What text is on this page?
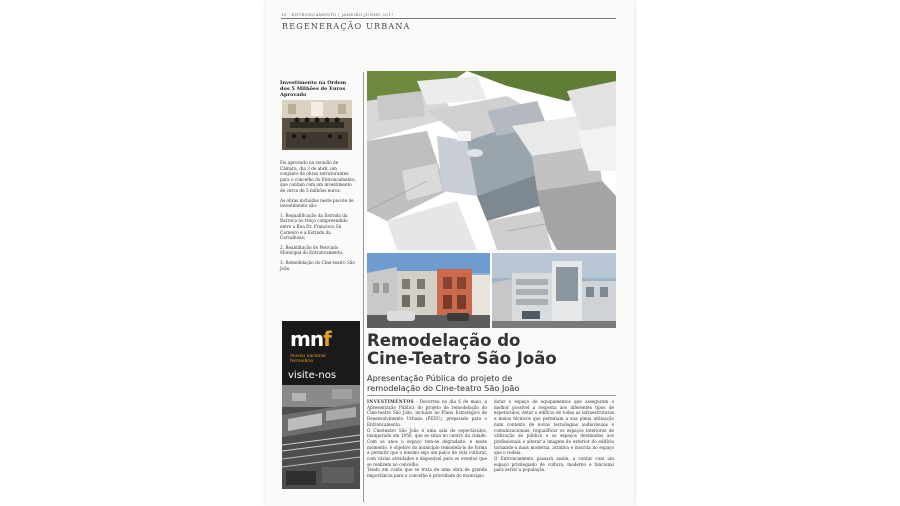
16 · ENTRONCAMENTO | JANEIRO-JUNHO 2017
REGENERAÇÃO URBANA
Investimento na Ordem dos 5 Milhões de Euros Aprovado

Foi aprovado na reunião de Câmara, dia 3 de abril, um conjunto de obras estruturantes para o concelho do Entroncamento, que contam com um investimento de cerca de 5 milhões euros.

As obras incluídas neste pacote de investimento são:

1. Requalificação da Estrada da Barroca no troço compreendido entre a Rua Dr. Francisco Sá Carneiro e a Estrada da Carcalhosa;

2. Reabilitação do Mercado Municipal do Entroncamento;

3. Remodelação do Cine-teatro São João.

mnf
museu nacional
ferroviário
visite-nos
Remodelação do
Cine-Teatro São João
Apresentação Pública do projeto de
remodelação do Cine-teatro São João

INVESTIMENTOS · Decorreu no dia 6 de maio, a Apresentação Pública do projeto de remodelação do Cine-teatro São João, incluído no Plano Estratégico de Desenvolvimento Urbano (PEDU), preparado para o Entroncamento.

O Cineteatro São João é uma sala de espectáculos, inaugurada em 1956, que se situa no centro da cidade. Com os anos o espaço tem-se degradado, e neste momento, é objetivo do município remodelá-lo de forma a permitir que o mesmo seja um palco de vida cultural, com várias atividades e disponível para os eventos que se realizem no concelho.

Tendo em conta que se trata de uma obra de grande importância para o concelho é prioridade do município

dotar o espaço de equipamentos que assegurem o melhor possível a resposta aos diferentes tipos de espetáculos; dotar o edifício de todas as infraestruturas e meios técnicos que permitam a sua plena utilização num contexto de novas tecnologias audiovisuais e comunicacionais; requalificar os espaços interiores de utilização do público e os espaços destinados aos profissionais e alterar a imagem do exterior do edifício tornando-a mais moderna, atrativa e inscrita no espaço que o rodeia.

O Entroncamento passará assim, a contar com um espaço privilegiado de cultura, moderno e funcional para servir a população.
